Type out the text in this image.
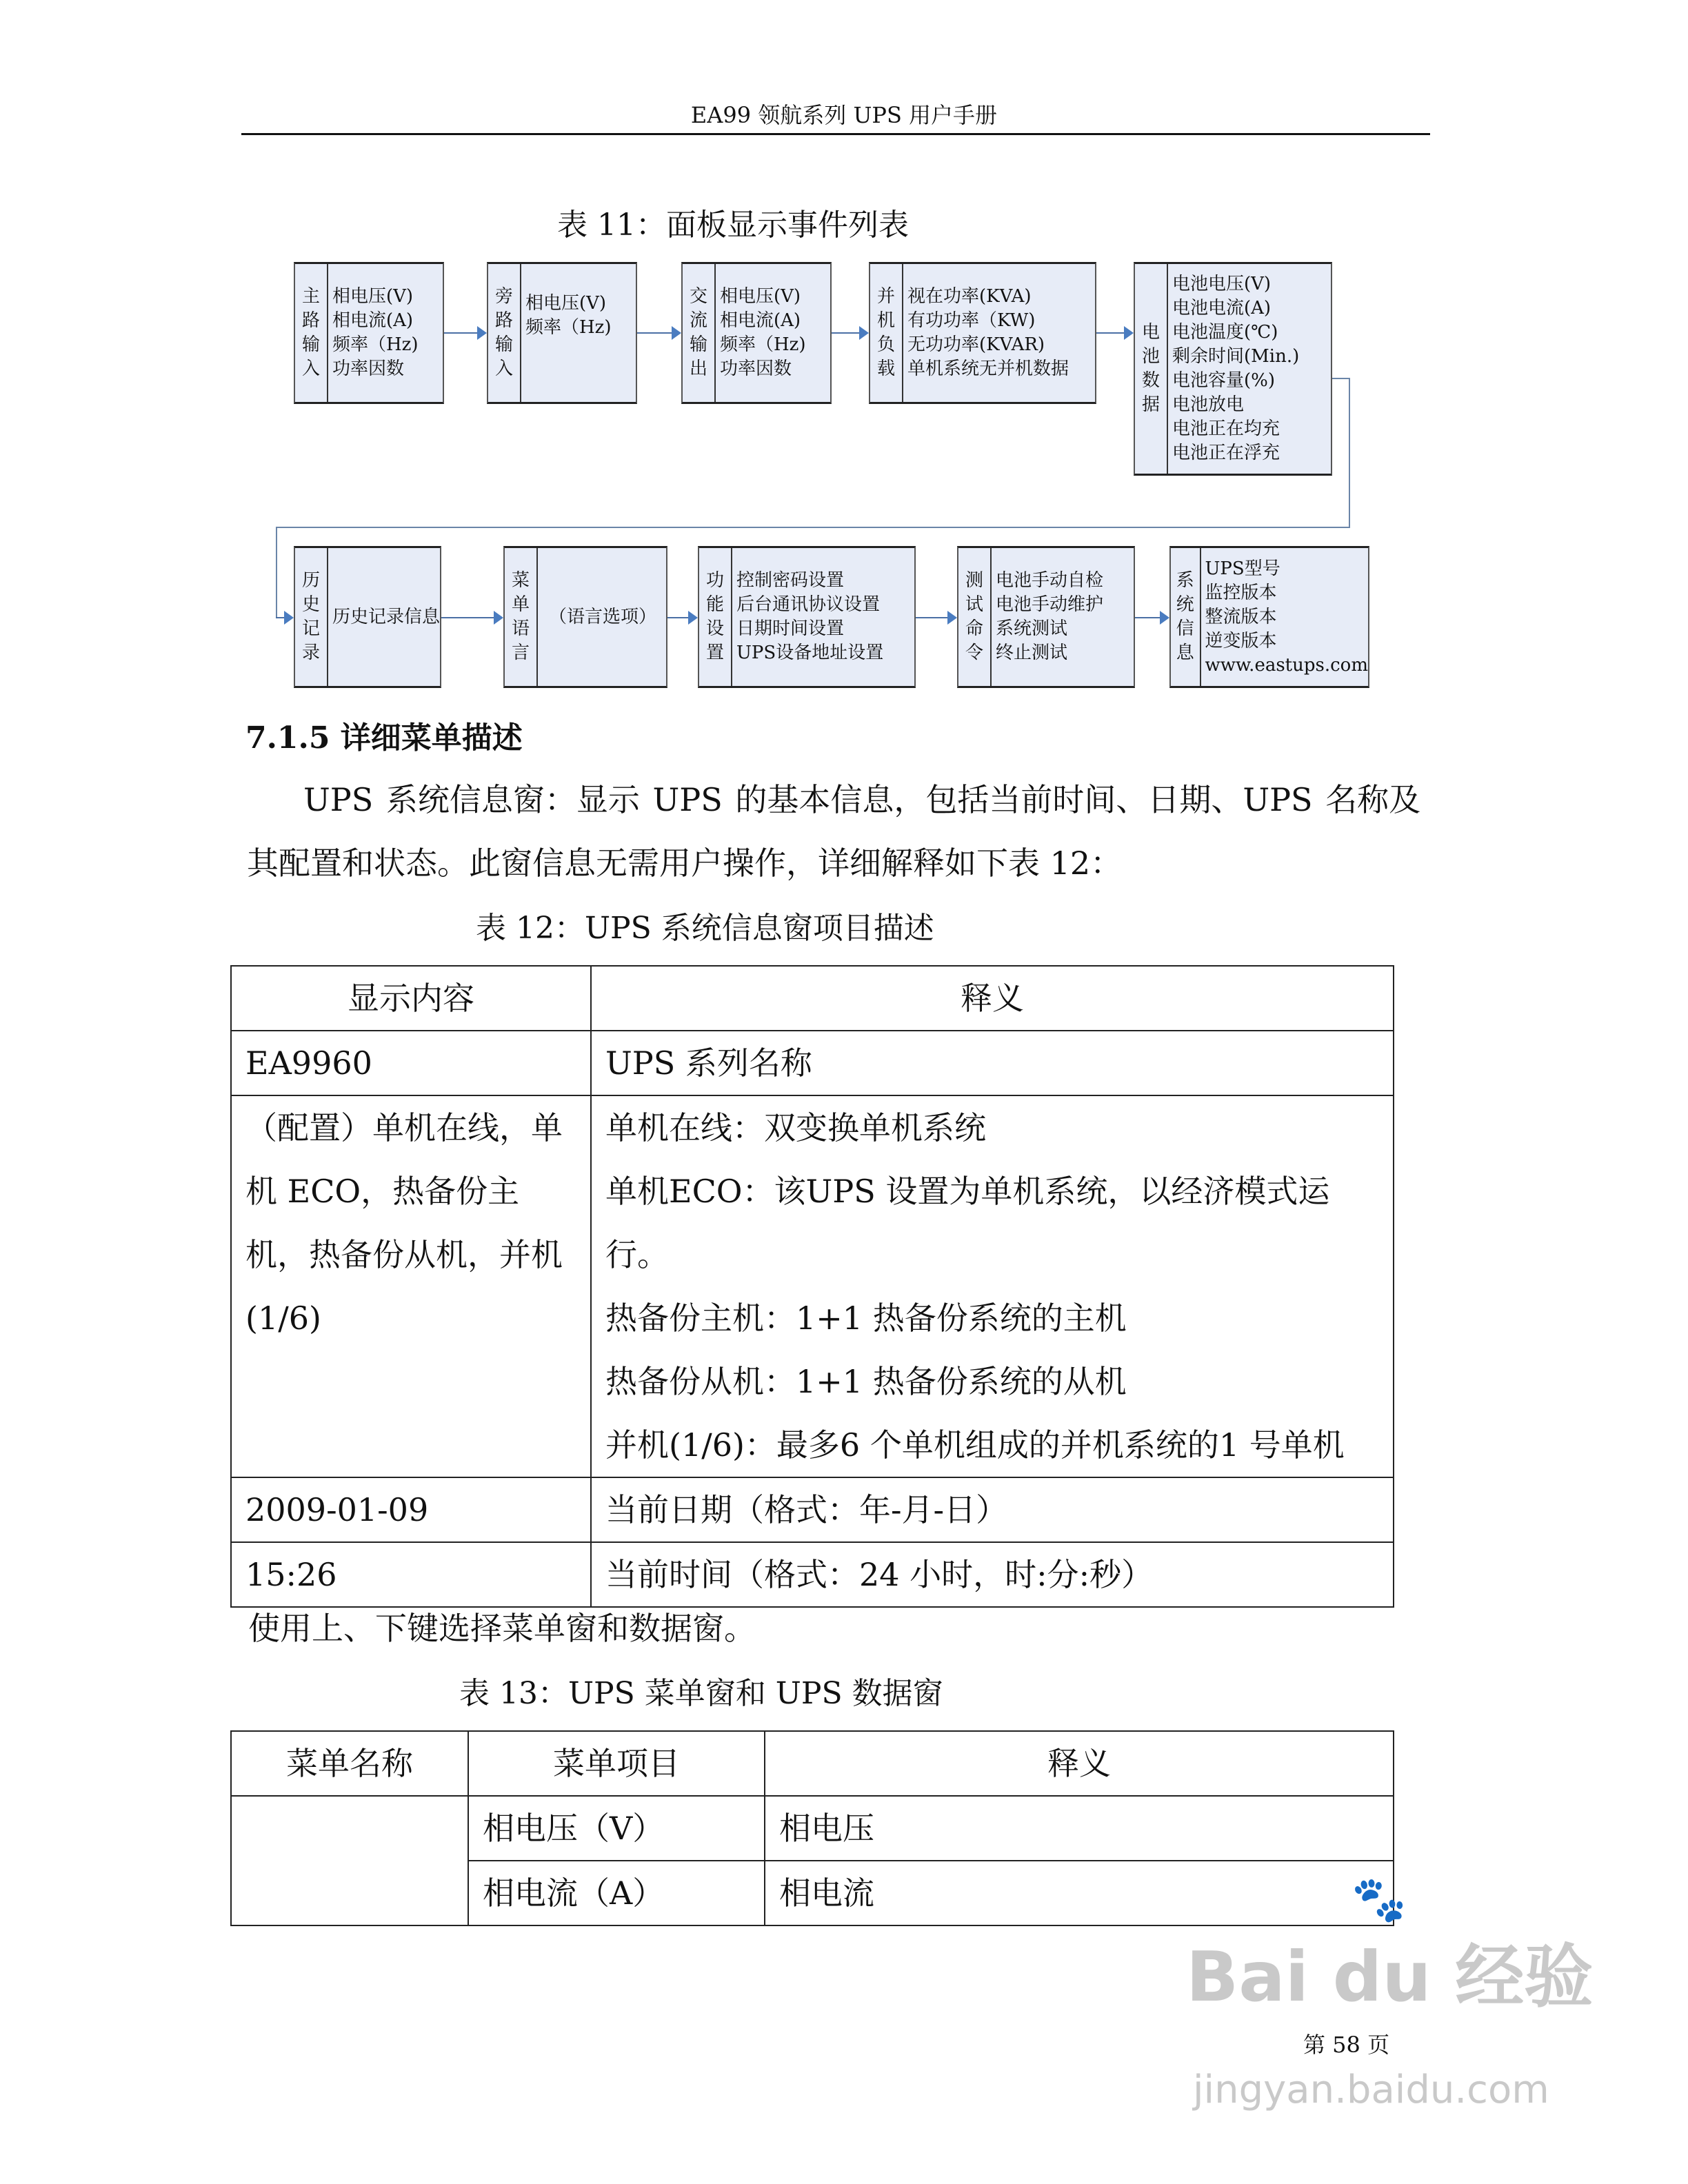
EA99 领航系列 UPS 用户手册
表 11：面板显示事件列表
主
路
输
入
相电压(V)
相电流(A)
频率（Hz)
功率因数
旁
路
输
入
相电压(V)
频率（Hz)
交
流
输
出
相电压(V)
相电流(A)
频率（Hz)
功率因数
并
机
负
载
视在功率(KVA)
有功功率（KW)
无功功率(KVAR)
单机系统无并机数据
电
池
数
据
电池电压(V)
电池电流(A)
电池温度(℃)
剩余时间(Min.)
电池容量(%)
电池放电
电池正在均充
电池正在浮充
历
史
记
录
历史记录信息
菜
单
语
言
（语言选项）
功
能
设
置
控制密码设置
后台通讯协议设置
日期时间设置
UPS设备地址设置
测
试
命
令
电池手动自检
电池手动维护
系统测试
终止测试
系
统
信
息
UPS型号
监控版本
整流版本
逆变版本
www.eastups.com
7.1.5 详细菜单描述
UPS 系统信息窗：显示 UPS 的基本信息，包括当前时间、日期、UPS 名称及
其配置和状态。此窗信息无需用户操作，详细解释如下表 12：
表 12：UPS 系统信息窗项目描述
显示内容	释义
EA9960	UPS 系列名称
（配置）单机在线，单机 ECO，热备份主机，热备份从机，并机(1/6)	单机在线：双变换单机系统
单机ECO：该UPS 设置为单机系统，以经济模式运行。
热备份主机：1+1 热备份系统的主机
热备份从机：1+1 热备份系统的从机
并机(1/6)：最多6 个单机组成的并机系统的1 号单机

2009-01-09	当前日期（格式：年-月-日）
15:26	当前时间（格式：24 小时，时:分:秒）
使用上、下键选择菜单窗和数据窗。
表 13：UPS 菜单窗和 UPS 数据窗
菜单名称	菜单项目	释义
	相电压（V）	相电压
	相电流（A）	相电流	🐾
Bai du 经验
第 58 页
jingyan.baidu.com
